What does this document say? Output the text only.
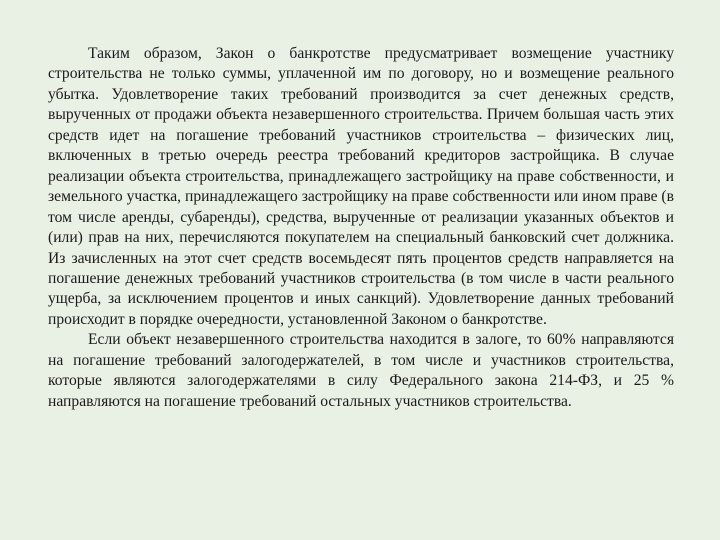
Таким образом, Закон о банкротстве предусматривает возмещение участнику строительства не только суммы, уплаченной им по договору, но и возмещение реального убытка. Удовлетворение таких требований производится за счет денежных средств, вырученных от продажи объекта незавершенного строительства. Причем большая часть этих средств идет на погашение требований участников строительства – физических лиц, включенных в третью очередь реестра требований кредиторов застройщика. В случае реализации объекта строительства, принадлежащего застройщику на праве собственности, и земельного участка, принадлежащего застройщику на праве собственности или ином праве (в том числе аренды, субаренды), средства, вырученные от реализации указанных объектов и (или) прав на них, перечисляются покупателем на специальный банковский счет должника. Из зачисленных на этот счет средств восемьдесят пять процентов средств направляется на погашение денежных требований участников строительства (в том числе в части реального ущерба, за исключением процентов и иных санкций). Удовлетворение данных требований происходит в порядке очередности, установленной Законом о банкротстве.

Если объект незавершенного строительства находится в залоге, то 60% направляются на погашение требований залогодержателей, в том числе и участников строительства, которые являются залогодержателями в силу Федерального закона 214-ФЗ, и 25 % направляются на погашение требований остальных участников строительства.
